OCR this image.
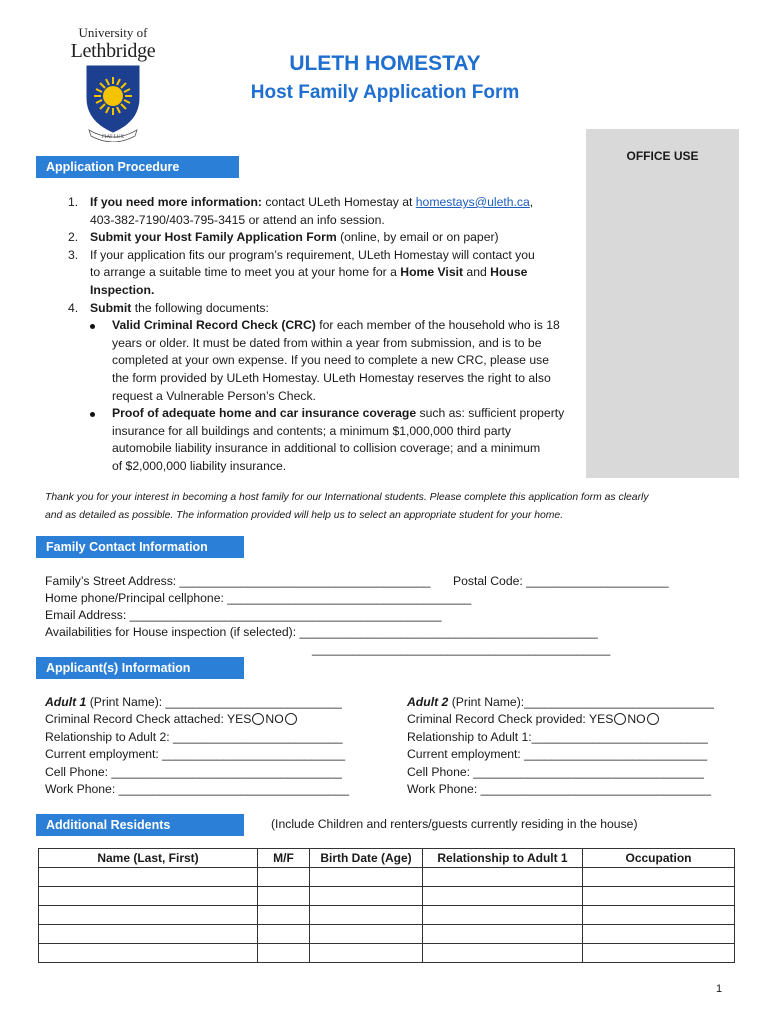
University of
Lethbridge
FIAT LUX
ULETH HOMESTAY
Host Family Application Form
OFFICE USE
Application Procedure
1. If you need more information: contact ULeth Homestay at homestays@uleth.ca,
403-382-7190/403-795-3415 or attend an info session.
2. Submit your Host Family Application Form (online, by email or on paper)
3. If your application fits our program’s requirement, ULeth Homestay will contact you
to arrange a suitable time to meet you at your home for a Home Visit and House
Inspection.
4. Submit the following documents:
Valid Criminal Record Check (CRC) for each member of the household who is 18
years or older. It must be dated from within a year from submission, and is to be
completed at your own expense. If you need to complete a new CRC, please use
the form provided by ULeth Homestay. ULeth Homestay reserves the right to also
request a Vulnerable Person’s Check.
Proof of adequate home and car insurance coverage such as: sufficient property
insurance for all buildings and contents; a minimum $1,000,000 third party
automobile liability insurance in additional to collision coverage; and a minimum
of $2,000,000 liability insurance.
Thank you for your interest in becoming a host family for our International students. Please complete this application form as clearly
and as detailed as possible. The information provided will help us to select an appropriate student for your home.
Family Contact Information
Family’s Street Address: _____________________________________ Postal Code: _____________________
Home phone/Principal cellphone: ____________________________________
Email Address: ______________________________________________
Availabilities for House inspection (if selected): ____________________________________________
____________________________________________
Applicant(s) Information
Adult 1 (Print Name): __________________________
Criminal Record Check attached: YES NO
Relationship to Adult 2: _________________________
Current employment: ___________________________
Cell Phone: __________________________________
Work Phone: __________________________________
Adult 2 (Print Name):____________________________
Criminal Record Check provided: YES NO
Relationship to Adult 1:__________________________
Current employment: ___________________________
Cell Phone: __________________________________
Work Phone: __________________________________
Additional Residents	(Include Children and renters/guests currently residing in the house)
Name (Last, First)	M/F	Birth Date (Age)	Relationship to Adult 1	Occupation

1
